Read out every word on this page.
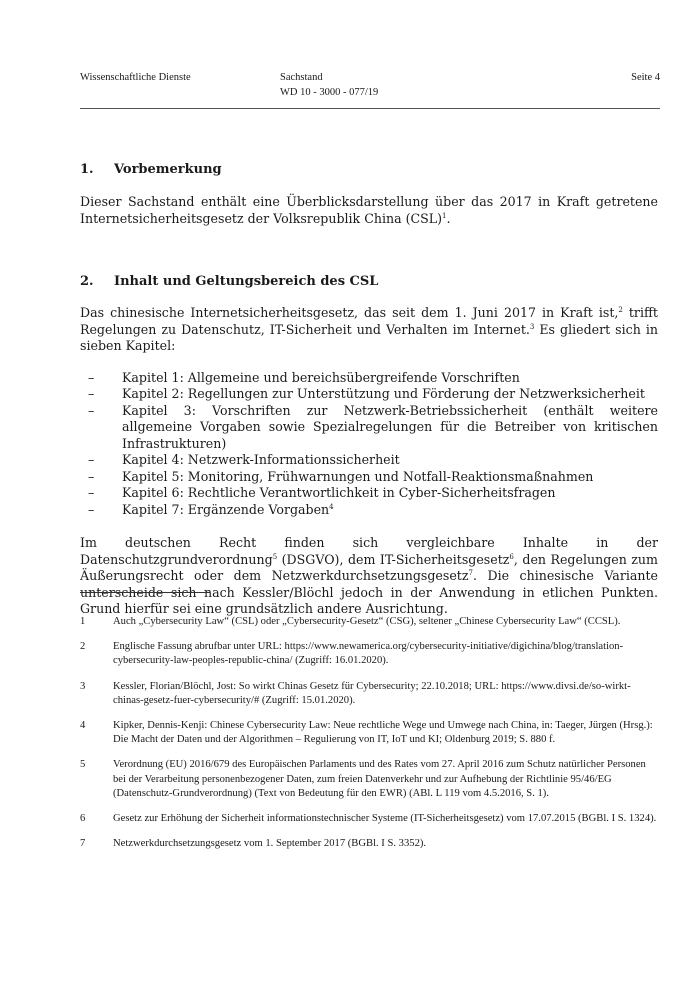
Wissenschaftliche Dienste	Sachstand
WD 10 - 3000 - 077/19
Seite 4
1.	Vorbemerkung

Dieser Sachstand enthält eine Überblicksdarstellung über das 2017 in Kraft getretene Internetsicherheitsgesetz der Volksrepublik China (CSL)$^1$.

2.	Inhalt und Geltungsbereich des CSL

Das chinesische Internetsicherheitsgesetz, das seit dem 1. Juni 2017 in Kraft ist,$^2$ trifft Regelungen zu Datenschutz, IT-Sicherheit und Verhalten im Internet.$^3$ Es gliedert sich in sieben Kapitel:

– Kapitel 1: Allgemeine und bereichsübergreifende Vorschriften
– Kapitel 2: Regellungen zur Unterstützung und Förderung der Netzwerksicherheit
– Kapitel 3: Vorschriften zur Netzwerk-Betriebssicherheit (enthält weitere allgemeine Vorgaben sowie Spezialregelungen für die Betreiber von kritischen Infrastrukturen)
– Kapitel 4: Netzwerk-Informationssicherheit
– Kapitel 5: Monitoring, Frühwarnungen und Notfall-Reaktionsmaßnahmen
– Kapitel 6: Rechtliche Verantwortlichkeit in Cyber-Sicherheitsfragen
– Kapitel 7: Ergänzende Vorgaben$^4$

Im deutschen Recht finden sich vergleichbare Inhalte in der Datenschutzgrundverordnung$^5$ (DSGVO), dem IT-Sicherheitsgesetz$^6$, den Regelungen zum Äußerungsrecht oder dem Netzwerkdurchsetzungsgesetz$^7$. Die chinesische Variante unterscheide sich nach Kessler/Blöchl jedoch in der Anwendung in etlichen Punkten. Grund hierfür sei eine grundsätzlich andere Ausrichtung.

1	Auch „Cybersecurity Law“ (CSL) oder „Cybersecurity-Gesetz“ (CSG), seltener „Chinese Cybersecurity Law“ (CCSL).
2	Englische Fassung abrufbar unter URL: https://www.newamerica.org/cybersecurity-initiative/digichina/blog/translation-cybersecurity-law-peoples-republic-china/ (Zugriff: 16.01.2020).
3	Kessler, Florian/Blöchl, Jost: So wirkt Chinas Gesetz für Cybersecurity; 22.10.2018; URL: https://www.divsi.de/so-wirkt-chinas-gesetz-fuer-cybersecurity/# (Zugriff: 15.01.2020).
4	Kipker, Dennis-Kenji: Chinese Cybersecurity Law: Neue rechtliche Wege und Umwege nach China, in: Taeger, Jürgen (Hrsg.): Die Macht der Daten und der Algorithmen – Regulierung von IT, IoT und KI; Oldenburg 2019; S. 880 f.
5	Verordnung (EU) 2016/679 des Europäischen Parlaments und des Rates vom 27. April 2016 zum Schutz natürlicher Personen bei der Verarbeitung personenbezogener Daten, zum freien Datenverkehr und zur Aufhebung der Richtlinie 95/46/EG (Datenschutz-Grundverordnung) (Text von Bedeutung für den EWR) (ABl. L 119 vom 4.5.2016, S. 1).
6	Gesetz zur Erhöhung der Sicherheit informationstechnischer Systeme (IT-Sicherheitsgesetz) vom 17.07.2015 (BGBl. I S. 1324).
7	Netzwerkdurchsetzungsgesetz vom 1. September 2017 (BGBl. I S. 3352).
